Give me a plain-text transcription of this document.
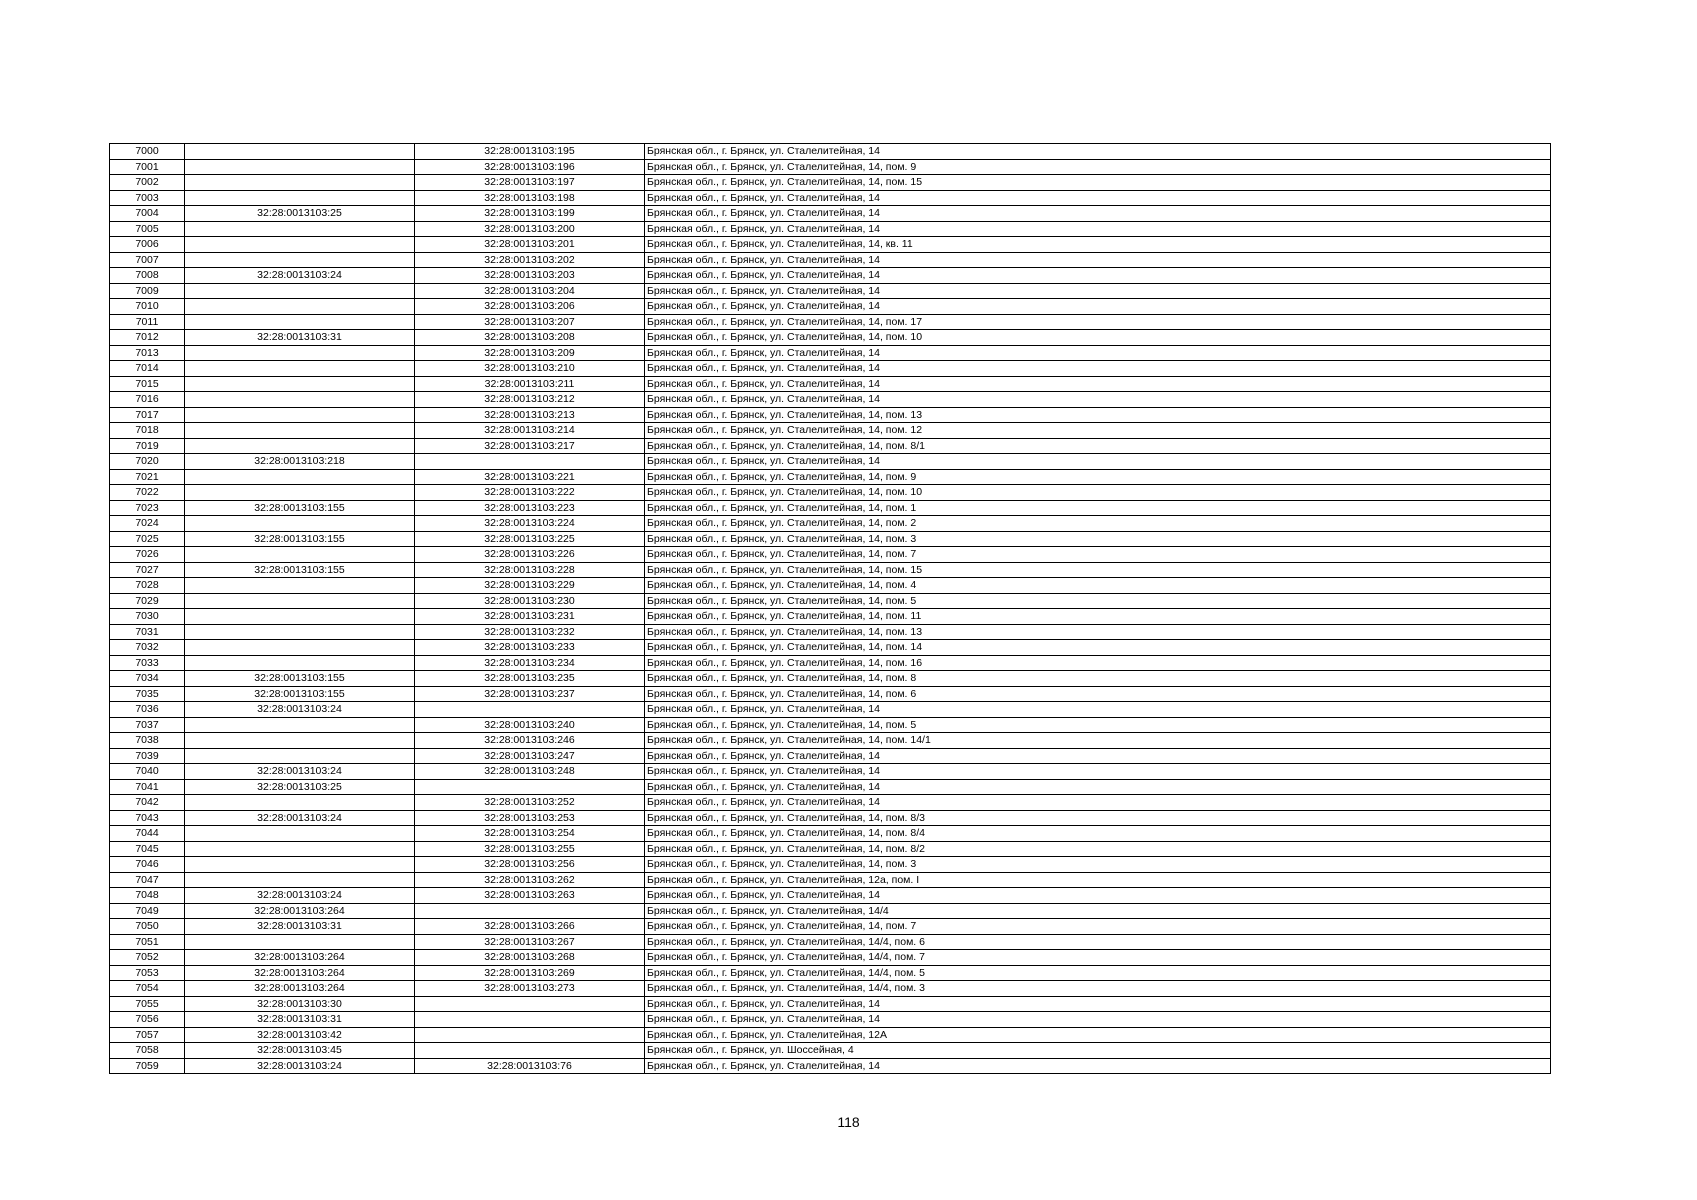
7000		32:28:0013103:195	Брянская обл., г. Брянск, ул. Сталелитейная, 14
7001		32:28:0013103:196	Брянская обл., г. Брянск, ул. Сталелитейная, 14, пом. 9
7002		32:28:0013103:197	Брянская обл., г. Брянск, ул. Сталелитейная, 14, пом. 15
7003		32:28:0013103:198	Брянская обл., г. Брянск, ул. Сталелитейная, 14
7004	32:28:0013103:25	32:28:0013103:199	Брянская обл., г. Брянск, ул. Сталелитейная, 14
7005		32:28:0013103:200	Брянская обл., г. Брянск, ул. Сталелитейная, 14
7006		32:28:0013103:201	Брянская обл., г. Брянск, ул. Сталелитейная, 14, кв. 11
7007		32:28:0013103:202	Брянская обл., г. Брянск, ул. Сталелитейная, 14
7008	32:28:0013103:24	32:28:0013103:203	Брянская обл., г. Брянск, ул. Сталелитейная, 14
7009		32:28:0013103:204	Брянская обл., г. Брянск, ул. Сталелитейная, 14
7010		32:28:0013103:206	Брянская обл., г. Брянск, ул. Сталелитейная, 14
7011		32:28:0013103:207	Брянская обл., г. Брянск, ул. Сталелитейная, 14, пом. 17
7012	32:28:0013103:31	32:28:0013103:208	Брянская обл., г. Брянск, ул. Сталелитейная, 14, пом. 10
7013		32:28:0013103:209	Брянская обл., г. Брянск, ул. Сталелитейная, 14
7014		32:28:0013103:210	Брянская обл., г. Брянск, ул. Сталелитейная, 14
7015		32:28:0013103:211	Брянская обл., г. Брянск, ул. Сталелитейная, 14
7016		32:28:0013103:212	Брянская обл., г. Брянск, ул. Сталелитейная, 14
7017		32:28:0013103:213	Брянская обл., г. Брянск, ул. Сталелитейная, 14, пом. 13
7018		32:28:0013103:214	Брянская обл., г. Брянск, ул. Сталелитейная, 14, пом. 12
7019		32:28:0013103:217	Брянская обл., г. Брянск, ул. Сталелитейная, 14, пом. 8/1
7020	32:28:0013103:218		Брянская обл., г. Брянск, ул. Сталелитейная, 14
7021		32:28:0013103:221	Брянская обл., г. Брянск, ул. Сталелитейная, 14, пом. 9
7022		32:28:0013103:222	Брянская обл., г. Брянск, ул. Сталелитейная, 14, пом. 10
7023	32:28:0013103:155	32:28:0013103:223	Брянская обл., г. Брянск, ул. Сталелитейная, 14, пом. 1
7024		32:28:0013103:224	Брянская обл., г. Брянск, ул. Сталелитейная, 14, пом. 2
7025	32:28:0013103:155	32:28:0013103:225	Брянская обл., г. Брянск, ул. Сталелитейная, 14, пом. 3
7026		32:28:0013103:226	Брянская обл., г. Брянск, ул. Сталелитейная, 14, пом. 7
7027	32:28:0013103:155	32:28:0013103:228	Брянская обл., г. Брянск, ул. Сталелитейная, 14, пом. 15
7028		32:28:0013103:229	Брянская обл., г. Брянск, ул. Сталелитейная, 14, пом. 4
7029		32:28:0013103:230	Брянская обл., г. Брянск, ул. Сталелитейная, 14, пом. 5
7030		32:28:0013103:231	Брянская обл., г. Брянск, ул. Сталелитейная, 14, пом. 11
7031		32:28:0013103:232	Брянская обл., г. Брянск, ул. Сталелитейная, 14, пом. 13
7032		32:28:0013103:233	Брянская обл., г. Брянск, ул. Сталелитейная, 14, пом. 14
7033		32:28:0013103:234	Брянская обл., г. Брянск, ул. Сталелитейная, 14, пом. 16
7034	32:28:0013103:155	32:28:0013103:235	Брянская обл., г. Брянск, ул. Сталелитейная, 14, пом. 8
7035	32:28:0013103:155	32:28:0013103:237	Брянская обл., г. Брянск, ул. Сталелитейная, 14, пом. 6
7036	32:28:0013103:24		Брянская обл., г. Брянск, ул. Сталелитейная, 14
7037		32:28:0013103:240	Брянская обл., г. Брянск, ул. Сталелитейная, 14, пом. 5
7038		32:28:0013103:246	Брянская обл., г. Брянск, ул. Сталелитейная, 14, пом. 14/1
7039		32:28:0013103:247	Брянская обл., г. Брянск, ул. Сталелитейная, 14
7040	32:28:0013103:24	32:28:0013103:248	Брянская обл., г. Брянск, ул. Сталелитейная, 14
7041	32:28:0013103:25		Брянская обл., г. Брянск, ул. Сталелитейная, 14
7042		32:28:0013103:252	Брянская обл., г. Брянск, ул. Сталелитейная, 14
7043	32:28:0013103:24	32:28:0013103:253	Брянская обл., г. Брянск, ул. Сталелитейная, 14, пом. 8/3
7044		32:28:0013103:254	Брянская обл., г. Брянск, ул. Сталелитейная, 14, пом. 8/4
7045		32:28:0013103:255	Брянская обл., г. Брянск, ул. Сталелитейная, 14, пом. 8/2
7046		32:28:0013103:256	Брянская обл., г. Брянск, ул. Сталелитейная, 14, пом. 3
7047		32:28:0013103:262	Брянская обл., г. Брянск, ул. Сталелитейная, 12а, пом. I
7048	32:28:0013103:24	32:28:0013103:263	Брянская обл., г. Брянск, ул. Сталелитейная, 14
7049	32:28:0013103:264		Брянская обл., г. Брянск, ул. Сталелитейная, 14/4
7050	32:28:0013103:31	32:28:0013103:266	Брянская обл., г. Брянск, ул. Сталелитейная, 14, пом. 7
7051		32:28:0013103:267	Брянская обл., г. Брянск, ул. Сталелитейная, 14/4, пом. 6
7052	32:28:0013103:264	32:28:0013103:268	Брянская обл., г. Брянск, ул. Сталелитейная, 14/4, пом. 7
7053	32:28:0013103:264	32:28:0013103:269	Брянская обл., г. Брянск, ул. Сталелитейная, 14/4, пом. 5
7054	32:28:0013103:264	32:28:0013103:273	Брянская обл., г. Брянск, ул. Сталелитейная, 14/4, пом. 3
7055	32:28:0013103:30		Брянская обл., г. Брянск, ул. Сталелитейная, 14
7056	32:28:0013103:31		Брянская обл., г. Брянск, ул. Сталелитейная, 14
7057	32:28:0013103:42		Брянская обл., г. Брянск, ул. Сталелитейная, 12А
7058	32:28:0013103:45		Брянская обл., г. Брянск, ул. Шоссейная, 4
7059	32:28:0013103:24	32:28:0013103:76	Брянская обл., г. Брянск, ул. Сталелитейная, 14
118
